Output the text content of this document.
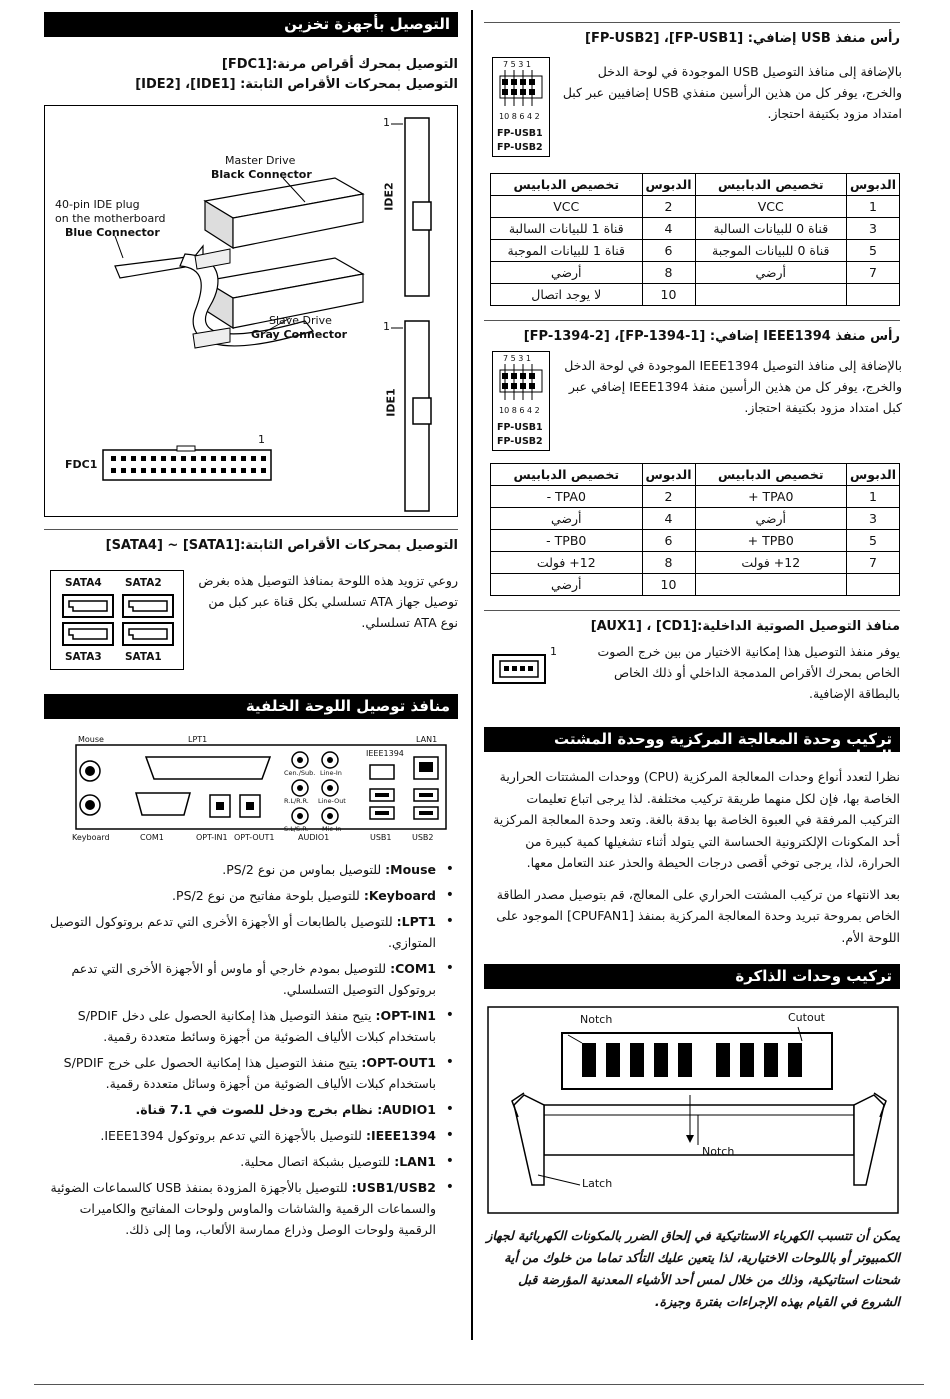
التوصيل بأجهزة تخزين
التوصيل بمحرك أقراص مرنة:[FDC1]
التوصيل بمحركات الأقراص الثابتة: [IDE1]، [IDE2]
Master Drive
Black Connector
40-pin IDE plug
on the motherboard
Blue Connector
Slave Drive
Gray Connector
IDE2
IDE1
1
1
1
FDC1
التوصيل بمحركات الأقراص الثابتة:[SATA1] ~ [SATA4]
SATA4 SATA2
SATA3 SATA1
روعي تزويد هذه اللوحة بمنافذ التوصيل هذه بغرض توصيل جهاز ATA تسلسلي بكل قناة عبر كبل من نوع ATA تسلسلي.
منافذ توصيل اللوحة الخلفية
Mouse
Keyboard
LPT1
COM1	OPT-IN1 OPT-OUT1	AUDIO1	USB1	USB2
IEEE1394
LAN1
Cen./Sub. Line-In
R.L/R.R. Line-Out
S.L/S.R. Mic-In
• Mouse: للتوصيل بماوس من نوع PS/2.
• Keyboard: للتوصيل بلوحة مفاتيح من نوع PS/2.
• LPT1: للتوصيل بالطابعات أو الأجهزة الأخرى التي تدعم بروتوكول التوصيل المتوازي.
• COM1: للتوصيل بمودم خارجي أو ماوس أو الأجهزة الأخرى التي تدعم بروتوكول التوصيل التسلسلي.
• OPT-IN1: يتيح منفذ التوصيل هذا إمكانية الحصول على دخل S/PDIF باستخدام كبلات الألياف الضوئية من أجهزة وسائط متعددة رقمية.
• OPT-OUT1: يتيح منفذ التوصيل هذا إمكانية الحصول على خرج S/PDIF باستخدام كبلات الألياف الضوئية من أجهزة وسائل متعددة رقمية.
• AUDIO1: نظام بخرج ودخل للصوت في 7.1 قناة.
• IEEE1394: للتوصيل بالأجهزة التي تدعم بروتوكول IEEE1394.
• LAN1: للتوصيل بشبكة اتصال محلية.
• USB1/USB2: للتوصيل بالأجهزة المزودة بمنفذ USB كالسماعات الضوئية والسماعات الرقمية والشاشات والماوس ولوحات المفاتيح والكاميرات الرقمية ولوحات الوصل وذراع ممارسة الألعاب، وما إلى ذلك.
رأس منفذ USB إضافي: [FP-USB1]، [FP-USB2]
7 5 3 1
10 8 6 4 2
FP-USB1
FP-USB2
بالإضافة إلى منافذ التوصيل USB الموجودة في لوحة الدخل والخرج، يوفر كل من هذين الرأسين منفذي USB إضافيين عبر كبل امتداد مزود بكتيفة احتجاز.
الدبوس	تخصيص الدبابيس	الدبوس	تخصيص الدبابيس
1	VCC	2	VCC
3	قناة 0 للبيانات السالبة	4	قناة 1 للبيانات السالبة
5	قناة 0 للبيانات الموجبة	6	قناة 1 للبيانات الموجبة
7	أرضي	8	أرضي
		10	لا يوجد اتصال
رأس منفذ IEEE1394 إضافي: [FP-1394-1]، [FP-1394-2]
7 5 3 1
10 8 6 4 2
FP-USB1
FP-USB2
بالإضافة إلى منافذ التوصيل IEEE1394 الموجودة في لوحة الدخل والخرج، يوفر كل من هذين الرأسين منفذ IEEE1394 إضافي عبر كبل امتداد مزود بكتيفة احتجاز.
الدبوس	تخصيص الدبابيس	الدبوس	تخصيص الدبابيس
1	TPA0 +	2	TPA0 -
3	أرضي	4	أرضي
5	TPB0 +	6	TPB0 -
7	12+ فولت	8	12+ فولت
		10	أرضي
منافذ التوصيل الصوتية الداخلية:[CD1] ، [AUX1]
1	يوفر منفذ التوصيل هذا إمكانية الاختيار من بين خرج الصوت الخاص بمحرك الأقراص المدمجة الداخلي أو ذلك الخاص بالبطاقة الإضافية.
تركيب وحدة المعالجة المركزية ووحدة المشتت الحراري
نظرا لتعدد أنواع وحدات المعالجة المركزية (CPU) ووحدات المشتتات الحرارية الخاصة بها، فإن لكل منهما طريقة تركيب مختلفة. لذا يرجى اتباع تعليمات التركيب المرفقة في العبوة الخاصة بها بدقة بالغة. وتعد وحدة المعالجة المركزية أحد المكونات الإلكترونية الحساسة التي يتولد أثناء تشغيلها كمية كبيرة من الحرارة، لذا، يرجى توخي أقصى درجات الحيطة والحذر عند التعامل معها.
بعد الانتهاء من تركيب المشتت الحراري على المعالج، قم بتوصيل مصدر الطاقة الخاص بمروحة تبريد وحدة المعالجة المركزية بمنفذ [CPUFAN1] الموجود على اللوحة الأم.
تركيب وحدات الذاكرة
Notch	Cutout
Notch
Latch
يمكن أن تتسبب الكهرباء الاستاتيكية في إلحاق الضرر بالمكونات الكهربائية لجهاز الكمبيوتر أو باللوحات الاختيارية، لذا يتعين عليك التأكد تماما من خلوك من أية شحنات استاتيكية، وذلك من خلال لمس أحد الأشياء المعدنية المؤرضة قبل الشروع في القيام بهذه الإجراءات بفترة وجيزة.
